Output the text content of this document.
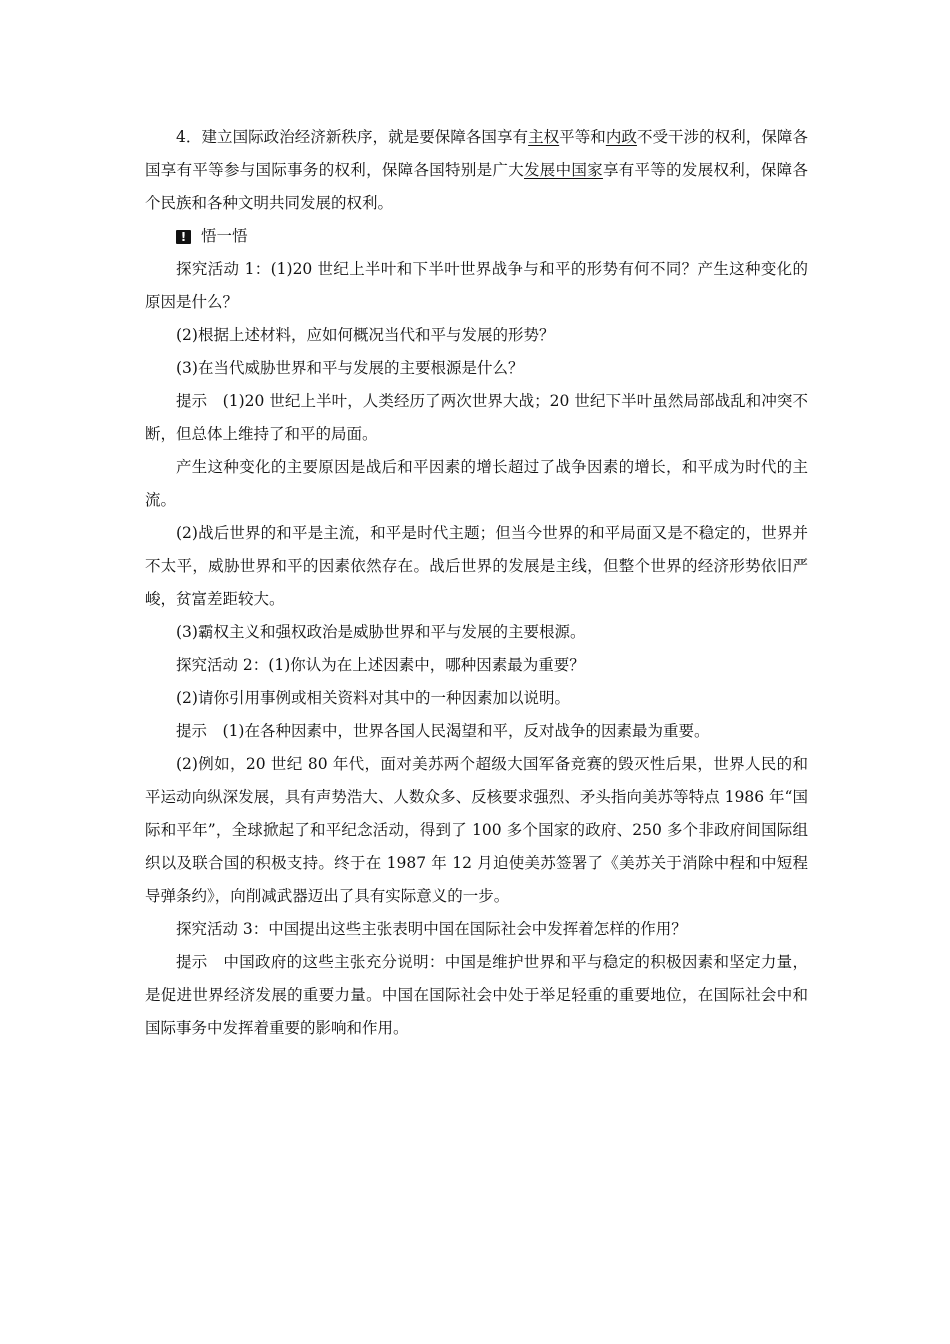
4．建立国际政治经济新秩序，就是要保障各国享有主权平等和内政不受干涉的权利，保障各国享有平等参与国际事务的权利，保障各国特别是广大发展中国家享有平等的发展权利，保障各个民族和各种文明共同发展的权利。

! 悟一悟

探究活动 1：(1)20 世纪上半叶和下半叶世界战争与和平的形势有何不同？产生这种变化的原因是什么？

(2)根据上述材料，应如何概况当代和平与发展的形势？

(3)在当代威胁世界和平与发展的主要根源是什么？

提示 (1)20 世纪上半叶，人类经历了两次世界大战；20 世纪下半叶虽然局部战乱和冲突不断，但总体上维持了和平的局面。

产生这种变化的主要原因是战后和平因素的增长超过了战争因素的增长，和平成为时代的主流。

(2)战后世界的和平是主流，和平是时代主题；但当今世界的和平局面又是不稳定的，世界并不太平，威胁世界和平的因素依然存在。战后世界的发展是主线，但整个世界的经济形势依旧严峻，贫富差距较大。

(3)霸权主义和强权政治是威胁世界和平与发展的主要根源。

探究活动 2：(1)你认为在上述因素中，哪种因素最为重要？

(2)请你引用事例或相关资料对其中的一种因素加以说明。

提示 (1)在各种因素中，世界各国人民渴望和平，反对战争的因素最为重要。

(2)例如，20 世纪 80 年代，面对美苏两个超级大国军备竞赛的毁灭性后果，世界人民的和平运动向纵深发展，具有声势浩大、人数众多、反核要求强烈、矛头指向美苏等特点 1986 年“国际和平年”，全球掀起了和平纪念活动，得到了 100 多个国家的政府、250 多个非政府间国际组织以及联合国的积极支持。终于在 1987 年 12 月迫使美苏签署了《美苏关于消除中程和中短程导弹条约》，向削减武器迈出了具有实际意义的一步。

探究活动 3：中国提出这些主张表明中国在国际社会中发挥着怎样的作用？

提示 中国政府的这些主张充分说明：中国是维护世界和平与稳定的积极因素和坚定力量，是促进世界经济发展的重要力量。中国在国际社会中处于举足轻重的重要地位，在国际社会中和国际事务中发挥着重要的影响和作用。
